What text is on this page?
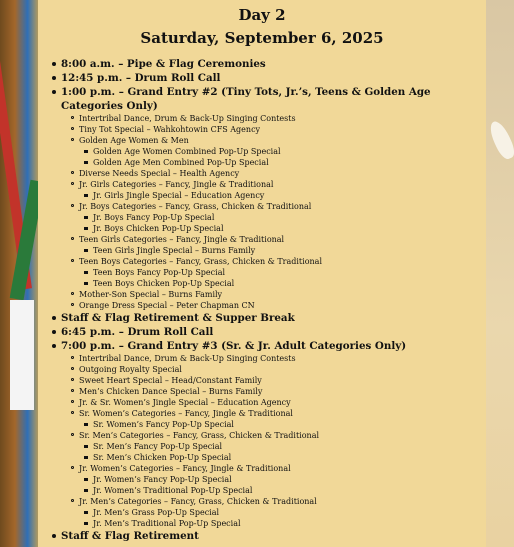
Day 2
Saturday, September 6, 2025
8:00 a.m. – Pipe & Flag Ceremonies
12:45 p.m. – Drum Roll Call
1:00 p.m. – Grand Entry #2 (Tiny Tots, Jr.’s, Teens & Golden Age Categories Only)
Intertribal Dance, Drum & Back-Up Singing Contests
Tiny Tot Special – Wahkohtowin CFS Agency
Golden Age Women & Men
Golden Age Women Combined Pop-Up Special
Golden Age Men Combined Pop-Up Special
Diverse Needs Special – Health Agency
Jr. Girls Categories – Fancy, Jingle & Traditional
Jr. Girls Jingle Special – Education Agency
Jr. Boys Categories – Fancy, Grass, Chicken & Traditional
Jr. Boys Fancy Pop-Up Special
Jr. Boys Chicken Pop-Up Special
Teen Girls Categories – Fancy, Jingle & Traditional
Teen Girls Jingle Special – Burns Family
Teen Boys Categories – Fancy, Grass, Chicken & Traditional
Teen Boys Fancy Pop-Up Special
Teen Boys Chicken Pop-Up Special
Mother-Son Special – Burns Family
Orange Dress Special – Peter Chapman CN
Staff & Flag Retirement & Supper Break
6:45 p.m. – Drum Roll Call
7:00 p.m. – Grand Entry #3 (Sr. & Jr. Adult Categories Only)
Intertribal Dance, Drum & Back-Up Singing Contests
Outgoing Royalty Special
Sweet Heart Special – Head/Constant Family
Men’s Chicken Dance Special – Burns Family
Jr. & Sr. Women’s Jingle Special – Education Agency
Sr. Women’s Categories – Fancy, Jingle & Traditional
Sr. Women’s Fancy Pop-Up Special
Sr. Men’s Categories – Fancy, Grass, Chicken & Traditional
Sr. Men’s Fancy Pop-Up Special
Sr. Men’s Chicken Pop-Up Special
Jr. Women’s Categories – Fancy, Jingle & Traditional
Jr. Women’s Fancy Pop-Up Special
Jr. Women’s Traditional Pop-Up Special
Jr. Men’s Categories – Fancy, Grass, Chicken & Traditional
Jr. Men’s Grass Pop-Up Special
Jr. Men’s Traditional Pop-Up Special
Staff & Flag Retirement
